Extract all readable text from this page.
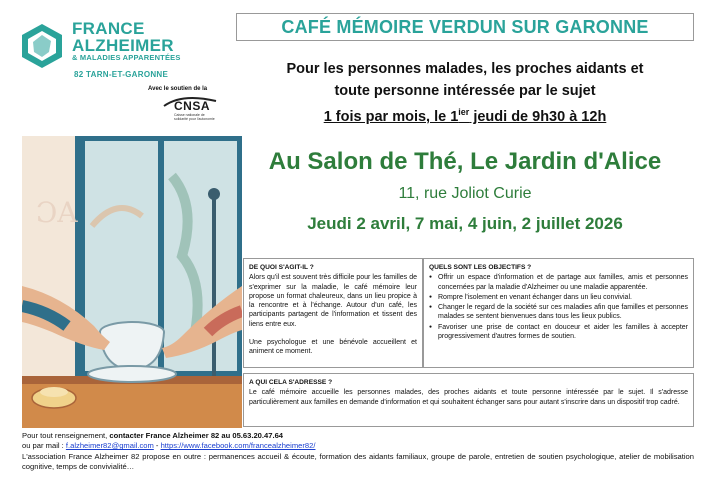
FRANCE
ALZHEIMER
& MALADIES APPARENTÉES
82 TARN-ET-GARONNE
Avec le soutien de la
CNSA
Caisse nationale de solidarité pour l'autonomie
CAFÉ MÉMOIRE VERDUN SUR GARONNE
Pour les personnes malades, les proches aidants et
toute personne intéressée par le sujet
1 fois par mois, le $1^{ier}$ jeudi de 9h30 à 12h
Au Salon de Thé, Le Jardin d'Alice
11, rue Joliot Curie
Jeudi 2 avril, 7 mai, 4 juin, 2 juillet 2026
ƆA
DE QUOI S'AGIT-IL ?

Alors qu'il est souvent très difficile pour les familles de s'exprimer sur la maladie, le café mémoire leur propose un format chaleureux, dans un lieu propice à la rencontre et à l'échange. Autour d'un café, les participants partagent de l'information et tissent des liens entre eux.

Une psychologue et une bénévole accueillent et animent ce moment.

QUELS SONT LES OBJECTIFS ?
● Offrir un espace d'information et de partage aux familles, amis et personnes concernées par la maladie d'Alzheimer ou une maladie apparentée.
● Rompre l'isolement en venant échanger dans un lieu convivial.
● Changer le regard de la société sur ces maladies afin que familles et personnes malades se sentent bienvenues dans tous les lieux publics.
● Favoriser une prise de contact en douceur et aider les familles à accepter progressivement d'autres formes de soutien.
A QUI CELA S'ADRESSE ?

Le café mémoire accueille les personnes malades, des proches aidants et toute personne intéressée par le sujet. Il s'adresse particulièrement aux familles en demande d'information et qui souhaitent échanger sans pour autant s'inscrire dans un dispositif trop cadré.

Pour tout renseignement, contacter France Alzheimer 82 au 05.63.20.47.64
ou par mail : f.alzheimer82@gmail.com - https://www.facebook.com/francealzheimer82/
L'association France Alzheimer 82 propose en outre : permanences accueil & écoute, formation des aidants familiaux, groupe de parole, entretien de soutien psychologique, atelier de mobilisation cognitive, temps de convivialité…
